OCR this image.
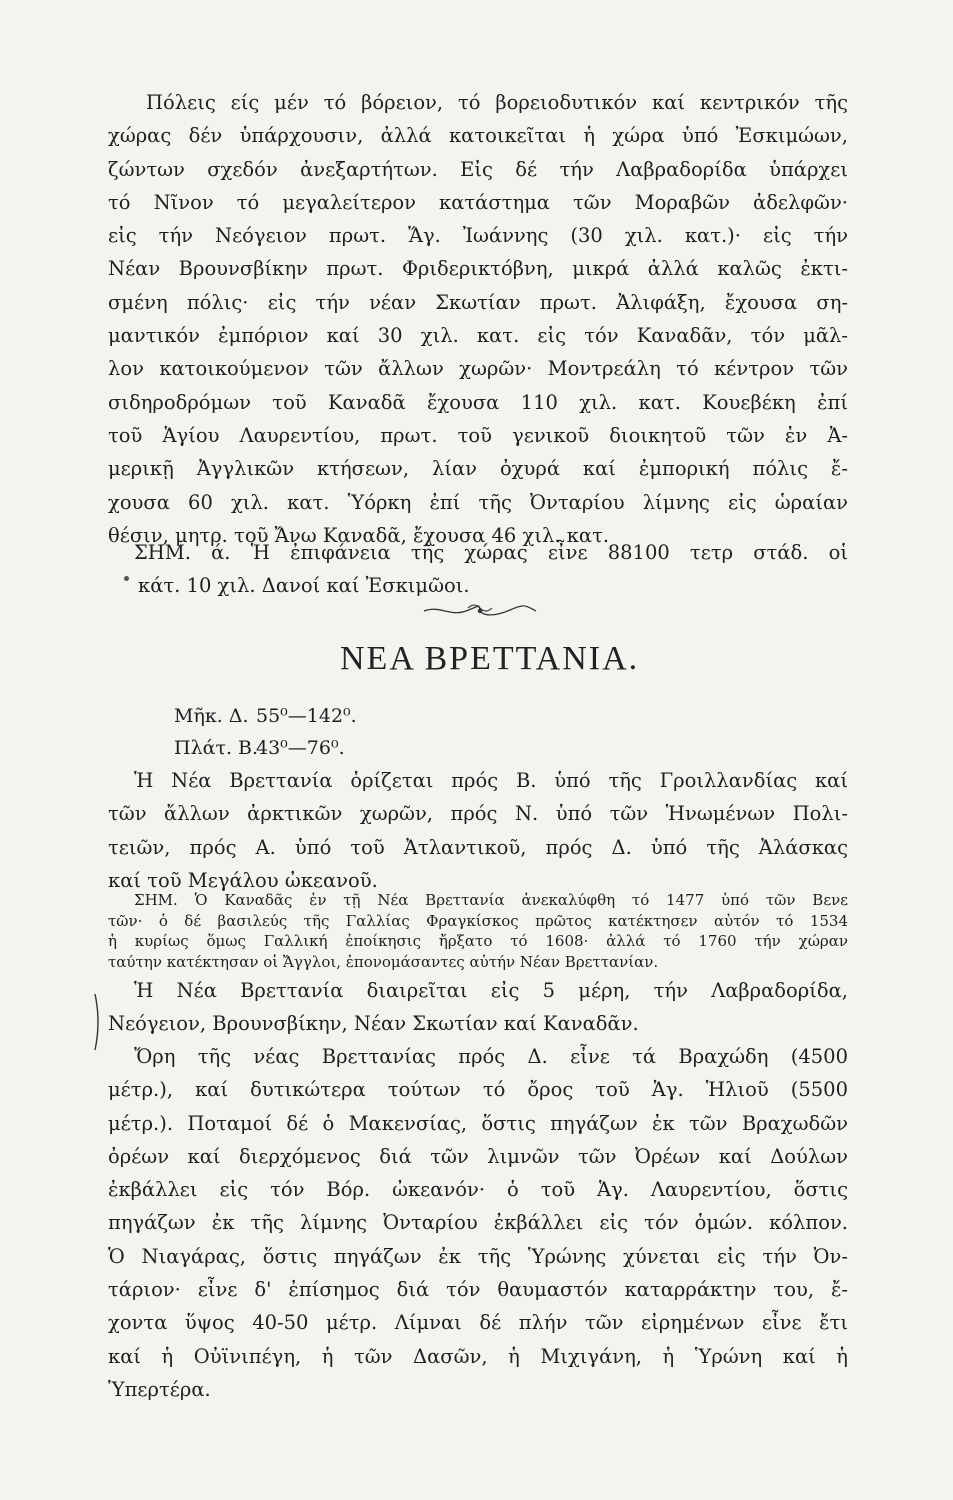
Πόλεις είς μέν τό βόρειον, τό βορειοδυτικόν καί κεντρικόν τῆς

χώρας δέν ὑπάρχουσιν, ἀλλά κατοικεῖται ἡ χώρα ὑπό Ἐσκιμώων,

ζώντων σχεδόν ἀνεξαρτήτων. Εἰς δέ τήν Λαβραδορίδα ὑπάρχει

τό Νῖνον τό μεγαλείτερον κατάστημα τῶν Μοραβῶν ἀδελφῶν·

εἰς τήν Νεόγειον πρωτ. Ἅγ. Ἰωάννης (30 χιλ. κατ.)· εἰς τήν

Νέαν Βρουνσβίκην πρωτ. Φριδερικτόβνη, μικρά ἀλλά καλῶς ἐκτι-

σμένη πόλις· εἰς τήν νέαν Σκωτίαν πρωτ. Ἀλιφάξη, ἔχουσα ση-

μαντικόν ἐμπόριον καί 30 χιλ. κατ. εἰς τόν Καναδᾶν, τόν μᾶλ-

λον κατοικούμενον τῶν ἄλλων χωρῶν· Μοντρεάλη τό κέντρον τῶν

σιδηροδρόμων τοῦ Καναδᾶ ἔχουσα 110 χιλ. κατ. Κουεβέκη ἐπί

τοῦ Ἁγίου Λαυρεντίου, πρωτ. τοῦ γενικοῦ διοικητοῦ τῶν ἐν Ἀ-

μερικῇ Ἀγγλικῶν κτήσεων, λίαν ὀχυρά καί ἐμπορική πόλις ἔ-

χουσα 60 χιλ. κατ. Ὑόρκη ἐπί τῆς Ὀνταρίου λίμνης εἰς ὡραίαν

θέσιν, μητρ. τοῦ Ἄνω Καναδᾶ, ἔχουσα 46 χιλ. κατ.

ΣΗΜ. ά. Ἡ ἐπιφάνεια τῆς χώρας εἶνε 88100 τετρ στάδ. οἱ

κάτ. 10 χιλ. Δανοί καί Ἐσκιμῶοι.

ΝΕΑ ΒΡΕΤΤΑΝΙΑ.
Μῆκ. Δ. 55⁰—142⁰.
Πλάτ. Β.43⁰—76⁰.

Ἡ Νέα Βρεττανία ὁρίζεται πρός Β. ὑπό τῆς Γροιλλανδίας καί

τῶν ἄλλων ἀρκτικῶν χωρῶν, πρός Ν. ὑπό τῶν Ἡνωμένων Πολι-

τειῶν, πρός Α. ὑπό τοῦ Ἀτλαντικοῦ, πρός Δ. ὑπό τῆς Ἀλάσκας

καί τοῦ Μεγάλου ὠκεανοῦ.

ΣΗΜ. Ὁ Καναδᾶς ἐν τῇ Νέα Βρεττανία ἀνεκαλύφθη τό 1477 ὑπό τῶν Βενε

τῶν· ὁ δέ βασιλεύς τῆς Γαλλίας Φραγκίσκος πρῶτος κατέκτησεν αὐτόν τό 1534

ἡ κυρίως ὅμως Γαλλική ἐποίκησις ἤρξατο τό 1608· ἀλλά τό 1760 τήν χώραν

ταύτην κατέκτησαν οἱ Ἄγγλοι, ἐπονομάσαντες αὐτήν Νέαν Βρεττανίαν.

Ἡ Νέα Βρεττανία διαιρεῖται εἰς 5 μέρη, τήν Λαβραδορίδα,

Νεόγειον, Βρουνσβίκην, Νέαν Σκωτίαν καί Καναδᾶν.

Ὄρη τῆς νέας Βρεττανίας πρός Δ. εἶνε τά Βραχώδη (4500

μέτρ.), καί δυτικώτερα τούτων τό ὄρος τοῦ Ἁγ. Ἡλιοῦ (5500

μέτρ.). Ποταμοί δέ ὁ Μακενσίας, ὅστις πηγάζων ἐκ τῶν Βραχωδῶν

ὀρέων καί διερχόμενος διά τῶν λιμνῶν τῶν Ὀρέων καί Δούλων

ἐκβάλλει εἰς τόν Βόρ. ὠκεανόν· ὁ τοῦ Ἁγ. Λαυρεντίου, ὅστις

πηγάζων ἐκ τῆς λίμνης Ὀνταρίου ἐκβάλλει εἰς τόν ὁμών. κόλπον.

Ὁ Νιαγάρας, ὅστις πηγάζων ἐκ τῆς Ὑρώνης χύνεται εἰς τήν Ὀν-

τάριον· εἶνε δ' ἐπίσημος διά τόν θαυμαστόν καταρράκτην του, ἔ-

χοντα ὕψος 40-50 μέτρ. Λίμναι δέ πλήν τῶν εἰρημένων εἶνε ἔτι

καί ἡ Οὐϊνιπέγη, ἡ τῶν Δασῶν, ἡ Μιχιγάνη, ἡ Ὑρώνη καί ἡ

Ὑπερτέρα.
